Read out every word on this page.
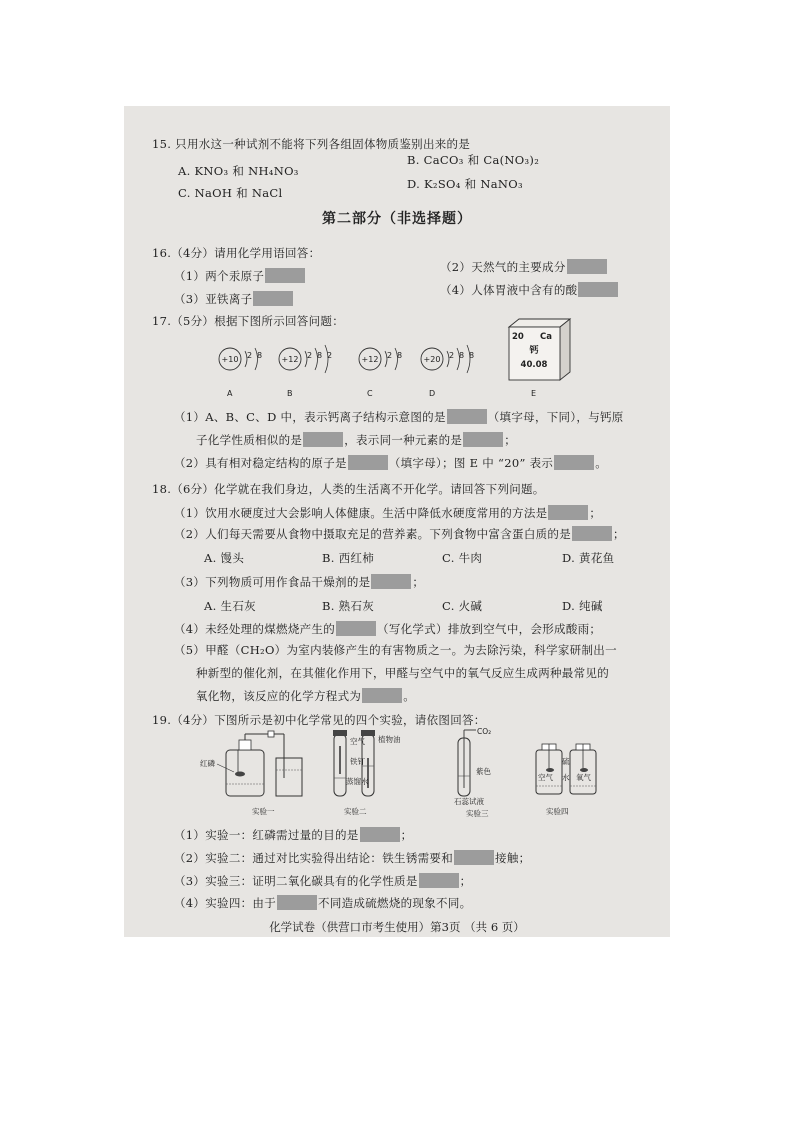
15. 只用水这一种试剂不能将下列各组固体物质鉴别出来的是
B. CaCO₃ 和 Ca(NO₃)₂
A. KNO₃ 和 NH₄NO₃
C. NaOH 和 NaCl
D. K₂SO₄ 和 NaNO₃
第二部分（非选择题）
16.（4分）请用化学用语回答：
（2）天然气的主要成分
（1）两个汞原子
（4）人体胃液中含有的酸
（3）亚铁离子
17.（5分）根据下图所示回答问题：
+10 2 8
A
+12 2 8 2
B
+12 2 8
C
+20 2 8 8
D
20 Ca
钙
40.08
E
（1）A、B、C、D 中，表示钙离子结构示意图的是	（填字母，下同），与钙原
子化学性质相似的是	，表示同一种元素的是	；
（2）具有相对稳定结构的原子是	（填字母）；图 E 中 “20” 表示	。
18.（6分）化学就在我们身边，人类的生活离不开化学。请回答下列问题。
（1）饮用水硬度过大会影响人体健康。生活中降低水硬度常用的方法是	；
（2）人们每天需要从食物中摄取充足的营养素。下列食物中富含蛋白质的是	；
A. 馒头	B. 西红柿	C. 牛肉	D. 黄花鱼
（3）下列物质可用作食品干燥剂的是	；
A. 生石灰	B. 熟石灰	C. 火碱	D. 纯碱
（4）未经处理的煤燃烧产生的	（写化学式）排放到空气中，会形成酸雨；
（5）甲醛（CH₂O）为室内装修产生的有害物质之一。为去除污染，科学家研制出一
种新型的催化剂，在其催化作用下，甲醛与空气中的氧气反应生成两种最常见的
氧化物，该反应的化学方程式为	。
19.（4分）下图所示是初中化学常见的四个实验，请依图回答：
红磷
实验一
空气
铁钉
蒸馏水
植物油
实验二
CO₂
紫色
石蕊试液
实验三
空气
硫
水 氧气
实验四
（1）实验一：红磷需过量的目的是	；
（2）实验二：通过对比实验得出结论：铁生锈需要和	接触；
（3）实验三：证明二氧化碳具有的化学性质是	；
（4）实验四：由于	不同造成硫燃烧的现象不同。
化学试卷（供营口市考生使用）第3页 （共 6 页）
